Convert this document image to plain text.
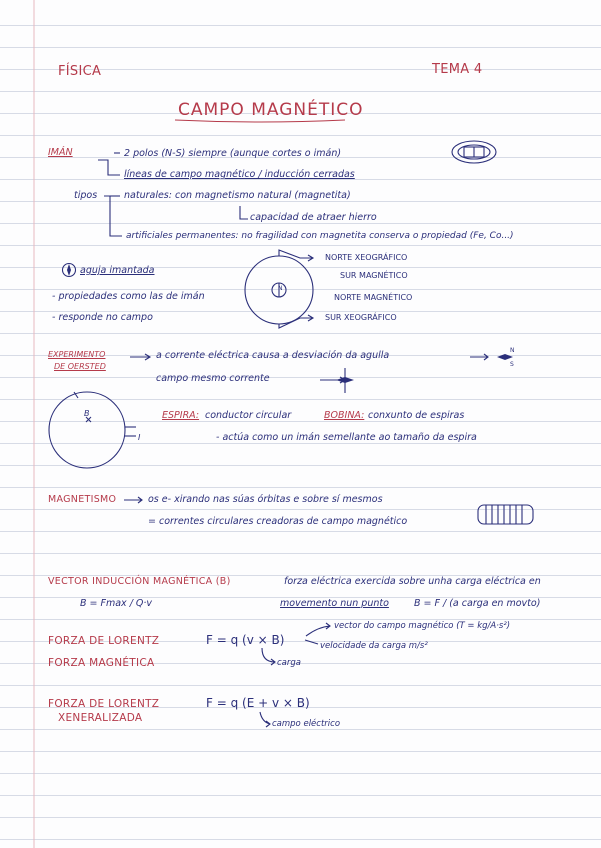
FÍSICA	TEMA 4
CAMPO MAGNÉTICO
IMÁN	2 polos (N-S) siempre (aunque cortes o imán)
líneas de campo magnético / inducción cerradas
tipos	naturales: con magnetismo natural (magnetita)
capacidad de atraer hierro
artificiales permanentes: no fragilidad con magnetita conserva o propiedad (Fe, Co...)
aguja imantada
- propiedades como las de imán
- responde no campo
N
NORTE XEOGRÁFICO
SUR MAGNÉTICO
NORTE MAGNÉTICO
SUR XEOGRÁFICO
EXPERIMENTO
DE OERSTED
a corrente eléctrica causa a desviación da agulla
campo mesmo corrente
N
S
B
I
ESPIRA: conductor circular	BOBINA: conxunto de espiras
- actúa como un imán semellante ao tamaño da espira
MAGNETISMO	os e- xirando nas súas órbitas e sobre sí mesmos
= correntes circulares creadoras de campo magnético
VECTOR INDUCCIÓN MAGNÉTICA (B)	forza eléctrica exercida sobre unha carga eléctrica en
B = Fmax / Q·v	movemento nun punto	B = F / (a carga en movto)
FORZA DE LORENTZ
FORZA MAGNÉTICA
F = q (v × B)
vector do campo magnético (T = kg/A·s²)
velocidade da carga m/s²
carga
FORZA DE LORENTZ
XENERALIZADA
F = q (E + v × B)
campo eléctrico
